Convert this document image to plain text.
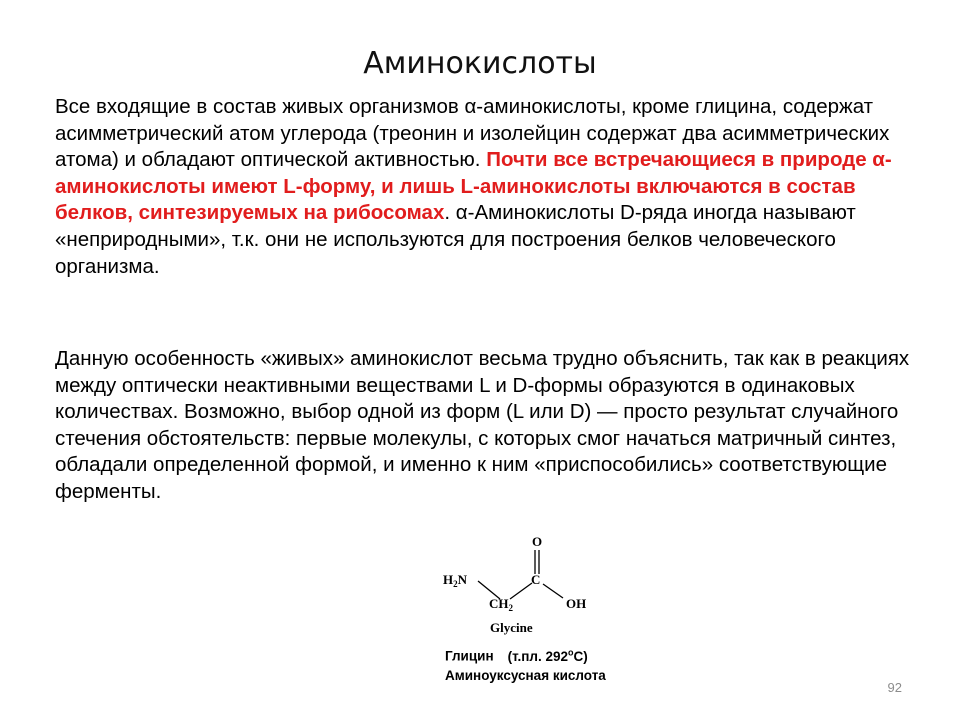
Аминокислоты
Все входящие в состав живых организмов α-аминокислоты, кроме глицина, содержат асимметрический атом углерода (треонин и изолейцин содержат два асимметрических атома) и обладают оптической активностью. Почти все встречающиеся в природе α-аминокислоты имеют L-форму, и лишь L-аминокислоты включаются в состав белков, синтезируемых на рибосомах. α-Аминокислоты D-ряда иногда называют «неприродными», т.к. они не используются для построения белков человеческого организма.
Данную особенность «живых» аминокислот весьма трудно объяснить, так как в реакциях между оптически неактивными веществами L и D-формы образуются в одинаковых количествах. Возможно, выбор одной из форм (L или D) — просто результат случайного стечения обстоятельств: первые молекулы, с которых смог начаться матричный синтез, обладали определенной формой, и именно к ним «приспособились» соответствующие ферменты.
O
$H_2N$	C
$CH_2$	OH
Glycine
Глицин (т.пл. 292$^o$С)
Аминоуксусная кислота
92
